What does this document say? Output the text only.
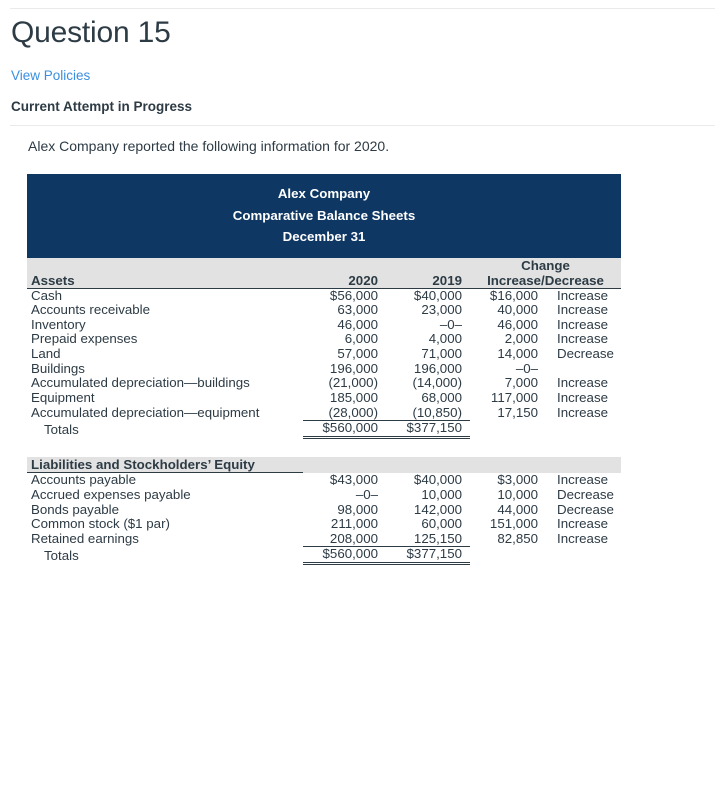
Question 15
View Policies
Current Attempt in Progress
Alex Company reported the following information for 2020.
Alex Company
Comparative Balance Sheets
December 31
			Change	
Assets	2020	2019	Increase/Decrease	
Cash	$56,000	$40,000	$16,000	Increase
Accounts receivable	63,000	23,000	40,000	Increase
Inventory	46,000	–0–	46,000	Increase
Prepaid expenses	6,000	4,000	2,000	Increase
Land	57,000	71,000	14,000	Decrease
Buildings	196,000	196,000	–0–	
Accumulated depreciation—buildings	(21,000)	(14,000)	7,000	Increase
Equipment	185,000	68,000	117,000	Increase
Accumulated depreciation—equipment	(28,000)	(10,850)	17,150	Increase
Totals	$560,000	$377,150		

Liabilities and Stockholders’ Equity				
Accounts payable	$43,000	$40,000	$3,000	Increase
Accrued expenses payable	–0–	10,000	10,000	Decrease
Bonds payable	98,000	142,000	44,000	Decrease
Common stock ($1 par)	211,000	60,000	151,000	Increase
Retained earnings	208,000	125,150	82,850	Increase
Totals	$560,000	$377,150		
